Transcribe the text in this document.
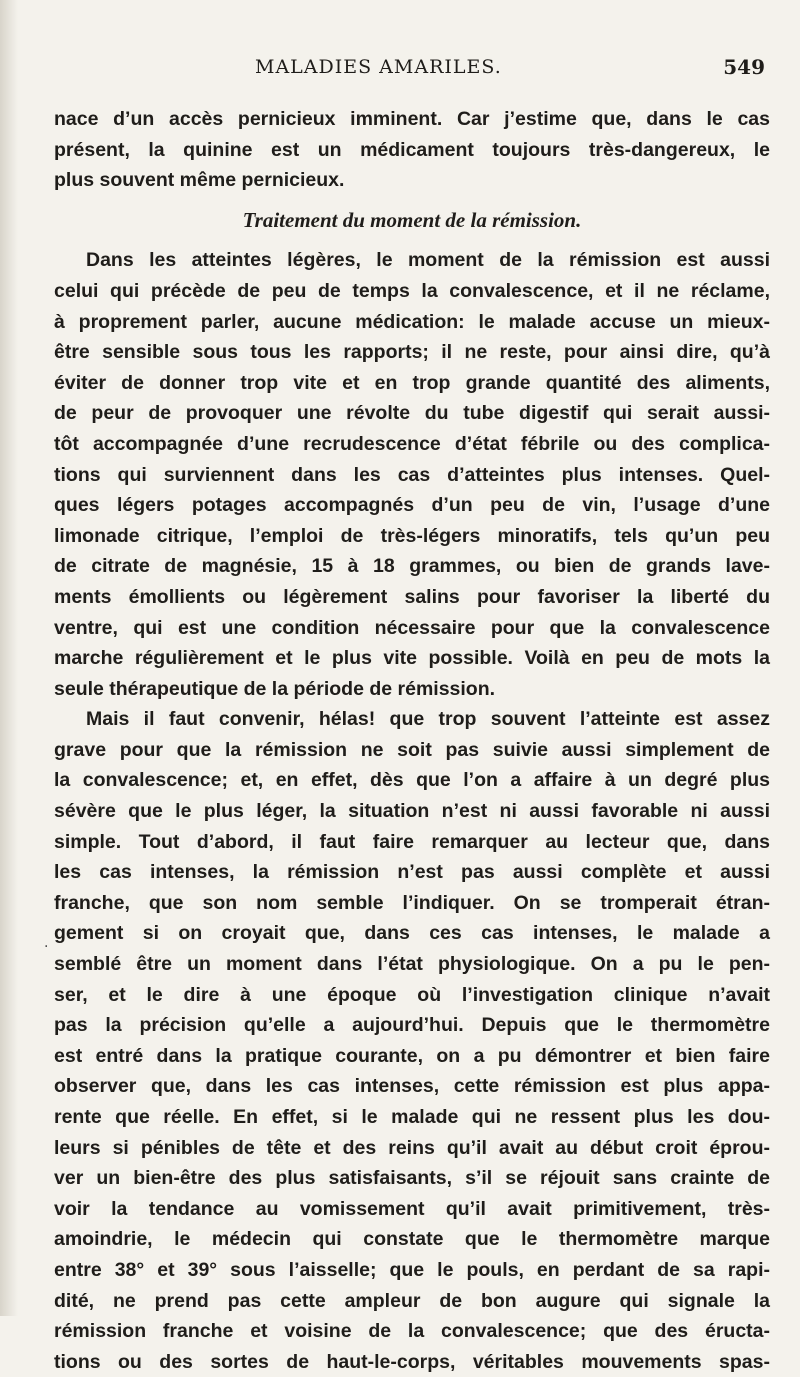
MALADIES AMARILES.	549
·
nace d’un accès pernicieux imminent. Car j’estime que, dans le cas
présent, la quinine est un médicament toujours très-dangereux, le
plus souvent même pernicieux.
Traitement du moment de la rémission.
Dans les atteintes légères, le moment de la rémission est aussi
celui qui précède de peu de temps la convalescence, et il ne réclame,
à proprement parler, aucune médication: le malade accuse un mieux-
être sensible sous tous les rapports; il ne reste, pour ainsi dire, qu’à
éviter de donner trop vite et en trop grande quantité des aliments,
de peur de provoquer une révolte du tube digestif qui serait aussi-
tôt accompagnée d’une recrudescence d’état fébrile ou des complica-
tions qui surviennent dans les cas d’atteintes plus intenses. Quel-
ques légers potages accompagnés d’un peu de vin, l’usage d’une
limonade citrique, l’emploi de très-légers minoratifs, tels qu’un peu
de citrate de magnésie, 15 à 18 grammes, ou bien de grands lave-
ments émollients ou légèrement salins pour favoriser la liberté du
ventre, qui est une condition nécessaire pour que la convalescence
marche régulièrement et le plus vite possible. Voilà en peu de mots la
seule thérapeutique de la période de rémission.
Mais il faut convenir, hélas! que trop souvent l’atteinte est assez
grave pour que la rémission ne soit pas suivie aussi simplement de
la convalescence; et, en effet, dès que l’on a affaire à un degré plus
sévère que le plus léger, la situation n’est ni aussi favorable ni aussi
simple. Tout d’abord, il faut faire remarquer au lecteur que, dans
les cas intenses, la rémission n’est pas aussi complète et aussi
franche, que son nom semble l’indiquer. On se tromperait étran-
gement si on croyait que, dans ces cas intenses, le malade a
semblé être un moment dans l’état physiologique. On a pu le pen-
ser, et le dire à une époque où l’investigation clinique n’avait
pas la précision qu’elle a aujourd’hui. Depuis que le thermomètre
est entré dans la pratique courante, on a pu démontrer et bien faire
observer que, dans les cas intenses, cette rémission est plus appa-
rente que réelle. En effet, si le malade qui ne ressent plus les dou-
leurs si pénibles de tête et des reins qu’il avait au début croit éprou-
ver un bien-être des plus satisfaisants, s’il se réjouit sans crainte de
voir la tendance au vomissement qu’il avait primitivement, très-
amoindrie, le médecin qui constate que le thermomètre marque
entre 38° et 39° sous l’aisselle; que le pouls, en perdant de sa rapi-
dité, ne prend pas cette ampleur de bon augure qui signale la
rémission franche et voisine de la convalescence; que des éructa-
tions ou des sortes de haut-le-corps, véritables mouvements spas-
